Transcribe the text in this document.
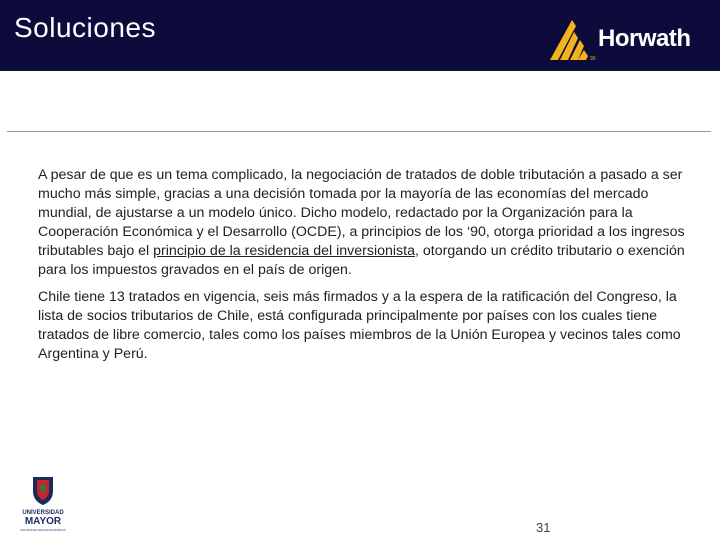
Soluciones
90
Horwath

A pesar de que es un tema complicado, la negociación de tratados de doble tributación a pasado a ser mucho más simple, gracias a una decisión tomada por la mayoría de las economías del mercado mundial, de ajustarse a un modelo único. Dicho modelo, redactado por la Organización para la Cooperación Económica y el Desarrollo (OCDE), a principios de los ‘90, otorga prioridad a los ingresos tributables bajo el principio de la residencia del inversionista, otorgando un crédito tributario o exención para los impuestos gravados en el país de origen.

Chile tiene 13 tratados en vigencia, seis más firmados y a la espera de la ratificación del Congreso, la lista de socios tributarios de Chile, está configurada principalmente por países con los cuales tiene tratados de libre comercio, tales como los países miembros de la Unión Europea y vecinos tales como Argentina y Perú.

UNIVERSIDAD
MAYOR
FACULTAD DE CIENCIAS ECONÓMICAS	31
